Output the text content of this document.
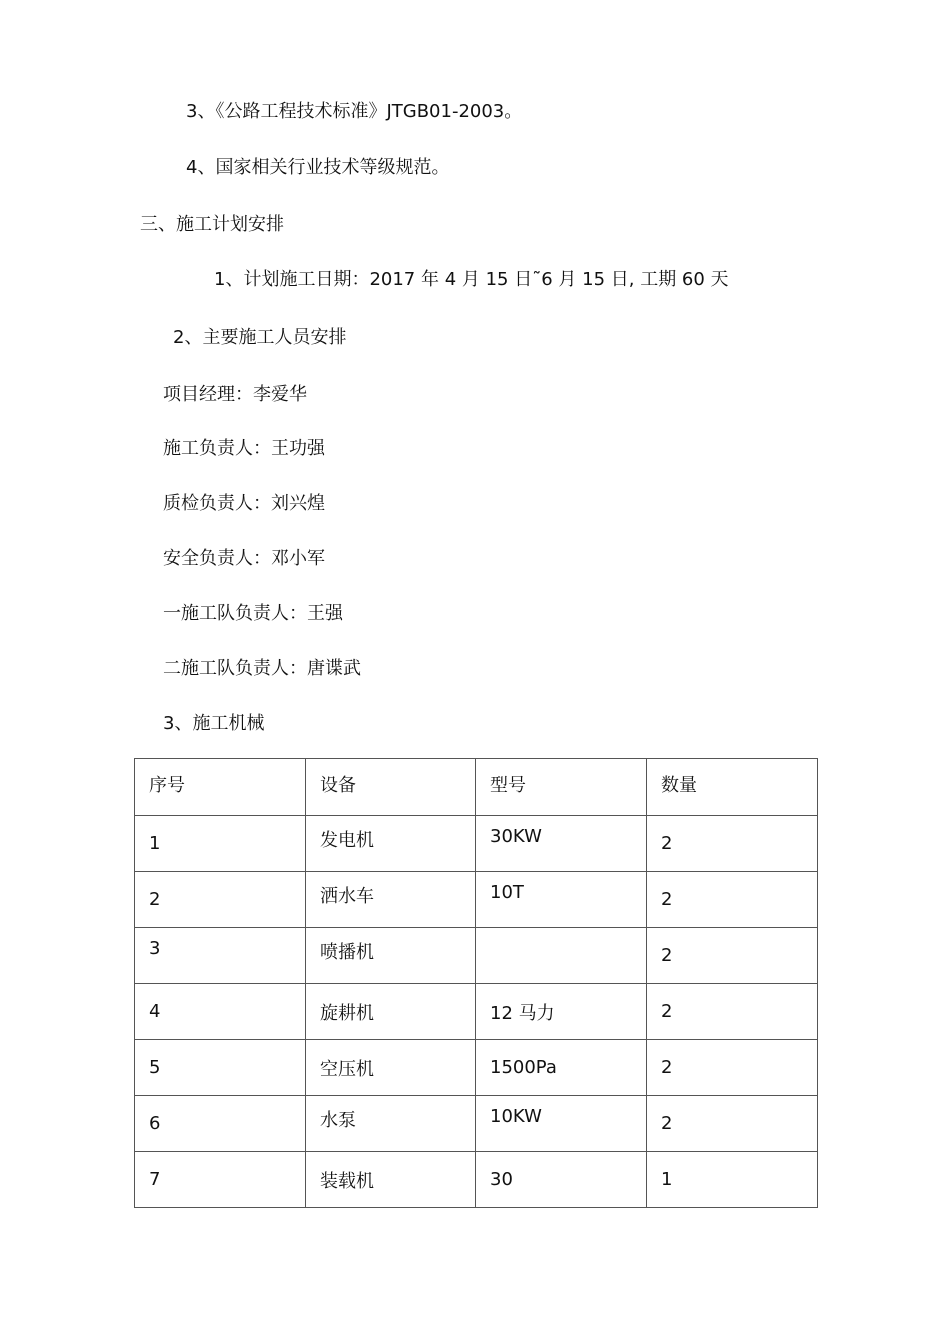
3、《公路工程技术标准》JTGB01-2003。
4、国家相关行业技术等级规范。
三、施工计划安排
1、计划施工日期：2017 年 4 月 15 日˜6 月 15 日, 工期 60 天
2、主要施工人员安排
项目经理：李爱华
施工负责人：王功强
质检负责人：刘兴煌
安全负责人：邓小军
一施工队负责人：王强
二施工队负责人：唐谍武
3、施工机械
序号	设备	型号	数量
1	发电机	30KW	2
2	洒水车	10T	2
3	喷播机		2
4	旋耕机	12 马力	2
5	空压机	1500Pa	2
6	水泵	10KW	2
7	装载机	30	1
